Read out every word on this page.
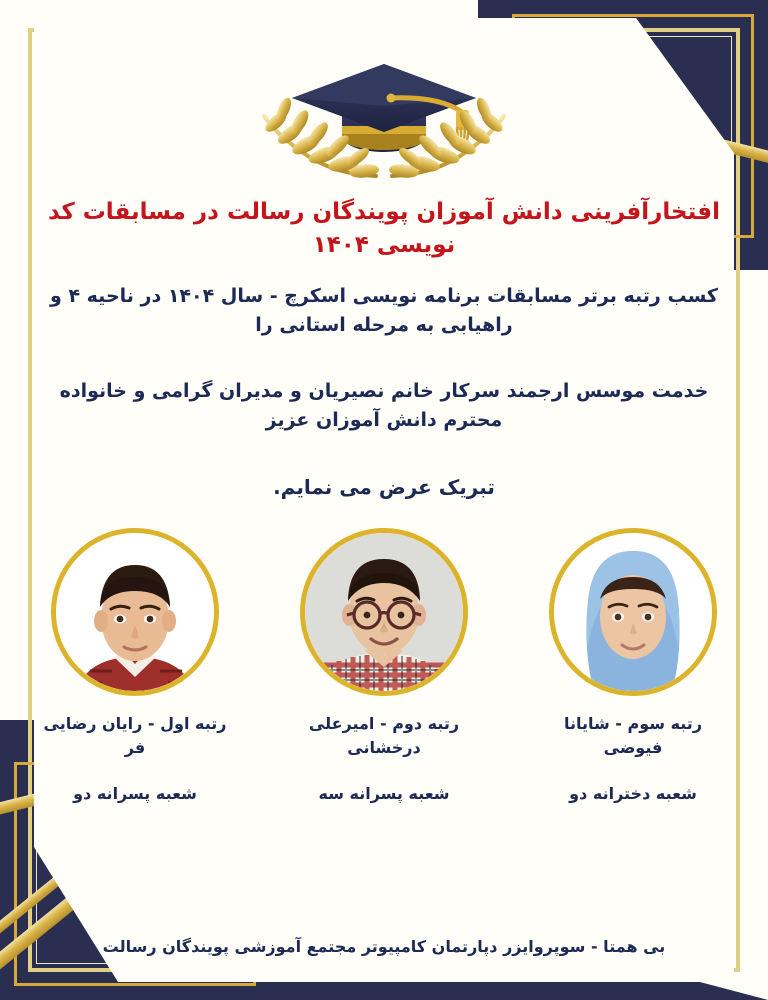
افتخارآفرینی دانش آموزان پویندگان رسالت در مسابقات کد نویسی ۱۴۰۴

کسب رتبه برتر مسابقات برنامه نویسی اسکرچ - سال ۱۴۰۴ در ناحیه ۴ و راهیابی به مرحله استانی را

خدمت موسس ارجمند سرکار خانم نصیریان و مدیران گرامی و خانواده محترم دانش آموزان عزیز

تبریک عرض می نمایم.

رتبه اول - رایان رضایی فر
شعبه پسرانه دو
رتبه دوم - امیرعلی درخشانی
شعبه پسرانه سه
رتبه سوم - شایانا فیوضی
شعبه دخترانه دو
بی همتا - سوپروایزر دپارتمان کامپیوتر مجتمع آموزشی پویندگان رسالت
